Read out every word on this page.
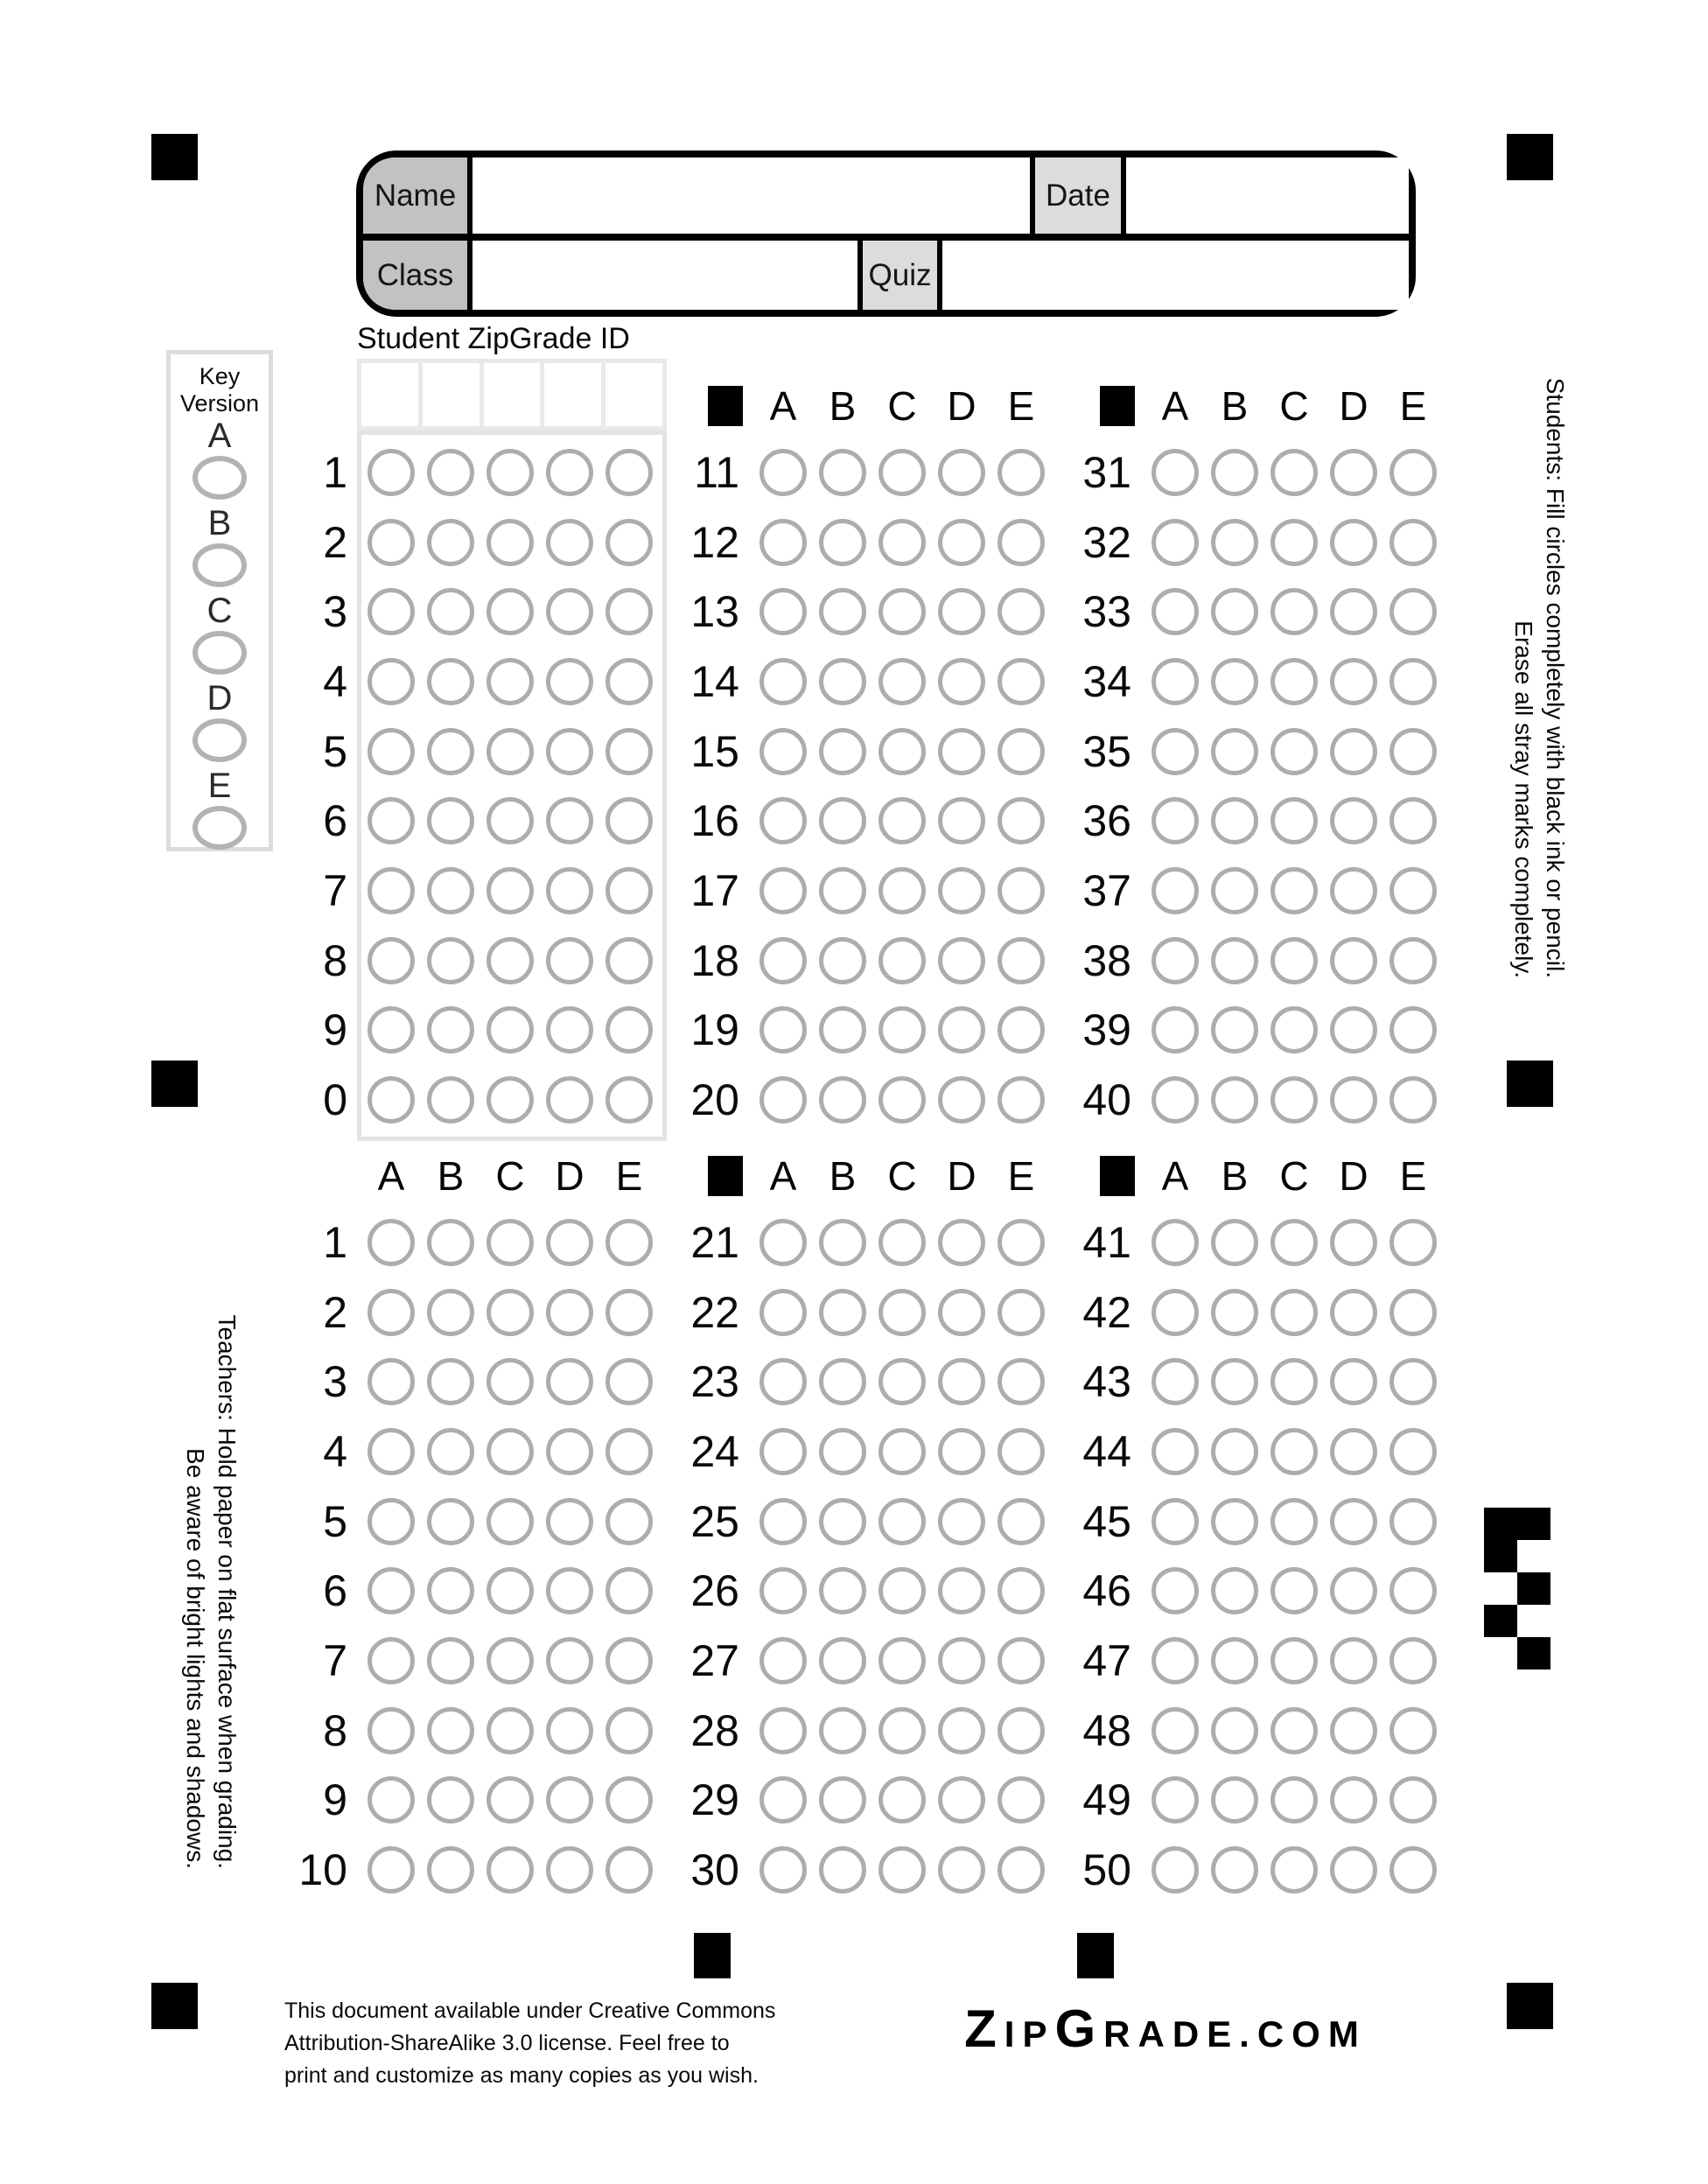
Name	Date
Class	Quiz
Student ZipGrade ID
1
2
3
4
5
6
7
8
9
0
Key
Version
A
B
C
D
E
A B C D E
1
2
3
4
5
6
7
8
9
10
A B C D E
11
12
13
14
15
16
17
18
19
20
A B C D E
21
22
23
24
25
26
27
28
29
30
A B C D E
31
32
33
34
35
36
37
38
39
40
A B C D E
41
42
43
44
45
46
47
48
49
50
Students: Fill circles completely with black ink or pencil.
Erase all stray marks completely.
Teachers: Hold paper on flat surface when grading.
Be aware of bright lights and shadows.
This document available under Creative Commons
Attribution-ShareAlike 3.0 license. Feel free to
print and customize as many copies as you wish.
ZIPGRADE.COM
